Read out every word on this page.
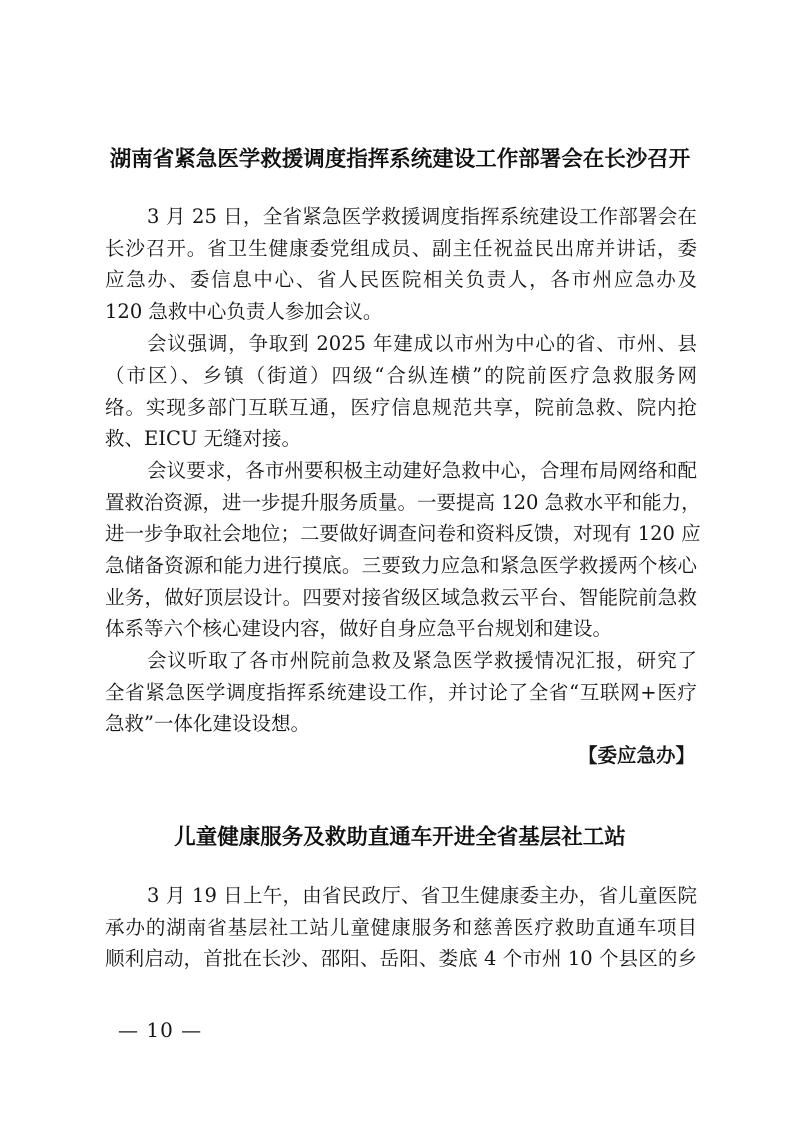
湖南省紧急医学救援调度指挥系统建设工作部署会在长沙召开
3 月 25 日，全省紧急医学救援调度指挥系统建设工作部署会在
长沙召开。省卫生健康委党组成员、副主任祝益民出席并讲话，委
应急办、委信息中心、省人民医院相关负责人，各市州应急办及
120 急救中心负责人参加会议。
会议强调，争取到 2025 年建成以市州为中心的省、市州、县
（市区）、乡镇（街道）四级“合纵连横”的院前医疗急救服务网
络。实现多部门互联互通，医疗信息规范共享，院前急救、院内抢
救、EICU 无缝对接。
会议要求，各市州要积极主动建好急救中心，合理布局网络和配
置救治资源，进一步提升服务质量。一要提高 120 急救水平和能力，
进一步争取社会地位；二要做好调查问卷和资料反馈，对现有 120 应
急储备资源和能力进行摸底。三要致力应急和紧急医学救援两个核心
业务，做好顶层设计。四要对接省级区域急救云平台、智能院前急救
体系等六个核心建设内容，做好自身应急平台规划和建设。
会议听取了各市州院前急救及紧急医学救援情况汇报，研究了
全省紧急医学调度指挥系统建设工作，并讨论了全省“互联网+医疗
急救”一体化建设设想。
【委应急办】
儿童健康服务及救助直通车开进全省基层社工站
3 月 19 日上午，由省民政厅、省卫生健康委主办，省儿童医院
承办的湖南省基层社工站儿童健康服务和慈善医疗救助直通车项目
顺利启动，首批在长沙、邵阳、岳阳、娄底 4 个市州 10 个县区的乡
— 10 —
